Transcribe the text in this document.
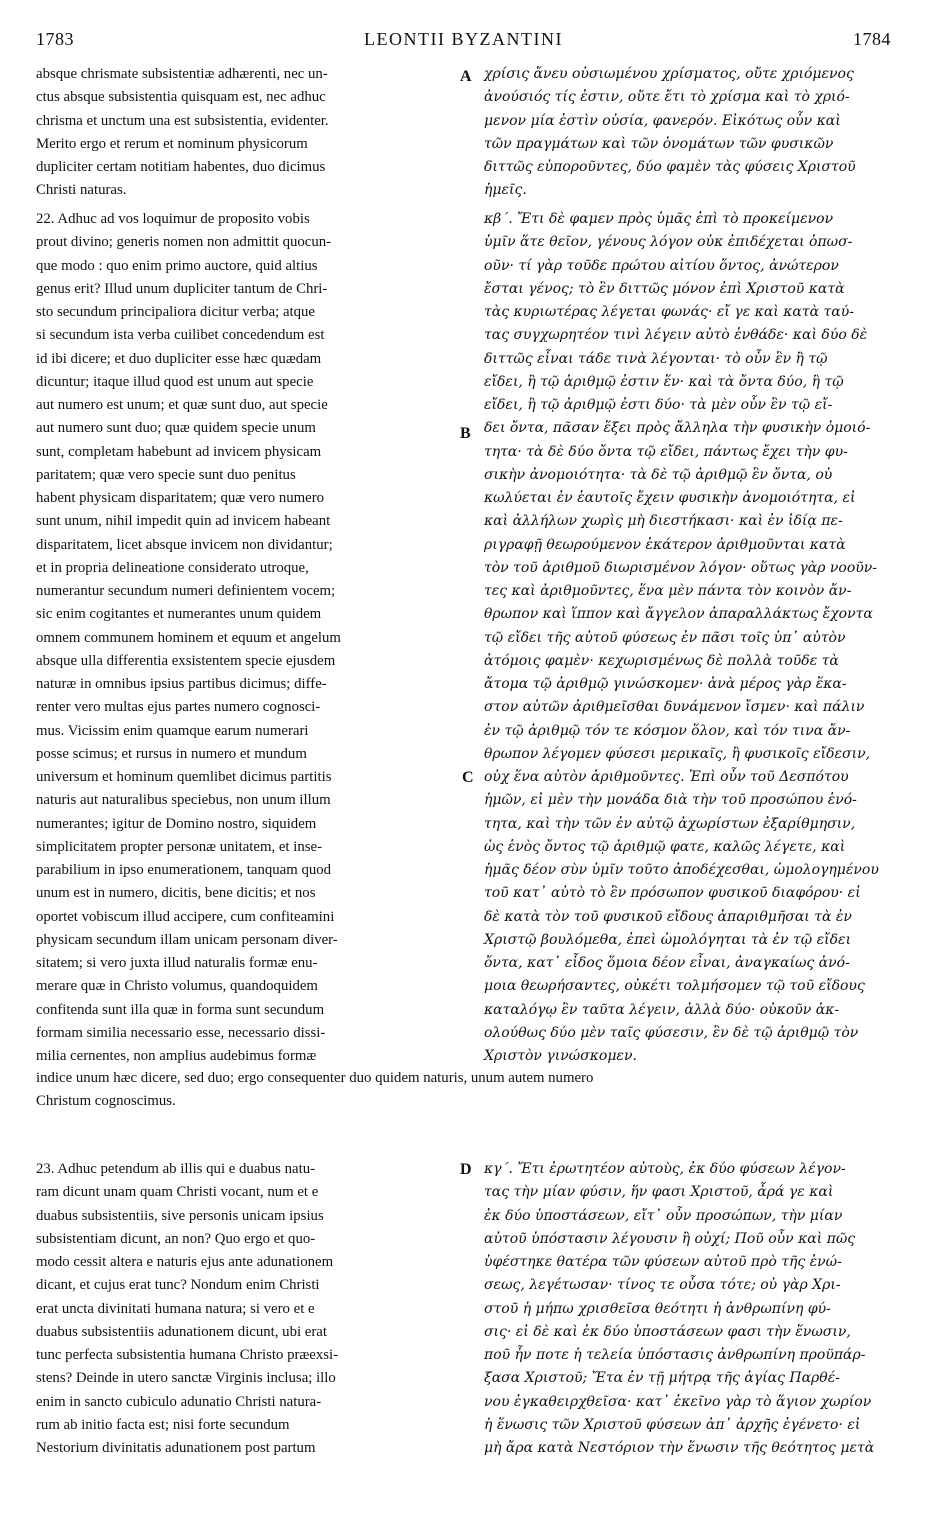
1783	LEONTII BYZANTINI	1784
A
B
C
D
absque chrismate subsistentiæ adhærenti, nec un-
ctus absque subsistentia quisquam est, nec adhuc
chrisma et unctum una est subsistentia, evidenter.
Merito ergo et rerum et nominum physicorum
dupliciter certam notitiam habentes, duo dicimus
Christi naturas.
χρίσις ἄνευ οὐσιωμένου χρίσματος, οὔτε χριόμενος
ἀνούσιός τίς ἐστιν, οὔτε ἔτι τὸ χρίσμα καὶ τὸ χριό-
μενον μία ἐστὶν οὐσία, φανερόν. Εἰκότως οὖν καὶ
τῶν πραγμάτων καὶ τῶν ὀνομάτων τῶν φυσικῶν
διττῶς εὐποροῦντες, δύο φαμὲν τὰς φύσεις Χριστοῦ
ἡμεῖς.
22. Adhuc ad vos loquimur de proposito vobis
prout divino; generis nomen non admittit quocun-
que modo : quo enim primo auctore, quid altius
genus erit? Illud unum dupliciter tantum de Chri-
sto secundum principaliora dicitur verba; atque
si secundum ista verba cuilibet concedendum est
id ibi dicere; et duo dupliciter esse hæc quædam
dicuntur; itaque illud quod est unum aut specie
aut numero est unum; et quæ sunt duo, aut specie
aut numero sunt duo; quæ quidem specie unum
sunt, completam habebunt ad invicem physicam
paritatem; quæ vero specie sunt duo penitus
habent physicam disparitatem; quæ vero numero
sunt unum, nihil impedit quin ad invicem habeant
disparitatem, licet absque invicem non dividantur;
et in propria delineatione considerato utroque,
numerantur secundum numeri definientem vocem;
sic enim cogitantes et numerantes unum quidem
omnem communem hominem et equum et angelum
absque ulla differentia exsistentem specie ejusdem
naturæ in omnibus ipsius partibus dicimus; diffe-
renter vero multas ejus partes numero cognosci-
mus. Vicissim enim quamque earum numerari
posse scimus; et rursus in numero et mundum
universum et hominum quemlibet dicimus partitis
naturis aut naturalibus speciebus, non unum illum
numerantes; igitur de Domino nostro, siquidem
simplicitatem propter personæ unitatem, et inse-
parabilium in ipso enumerationem, tanquam quod
unum est in numero, dicitis, bene dicitis; et nos
oportet vobiscum illud accipere, cum confiteamini
physicam secundum illam unicam personam diver-
sitatem; si vero juxta illud naturalis formæ enu-
merare quæ in Christo volumus, quandoquidem
confitenda sunt illa quæ in forma sunt secundum
formam similia necessario esse, necessario dissi-
milia cernentes, non amplius audebimus formæ
κβ΄. Ἔτι δὲ φαμεν πρὸς ὑμᾶς ἐπὶ τὸ προκείμενον
ὑμῖν ἅτε θεῖον, γένους λόγον οὐκ ἐπιδέχεται ὁπωσ-
οῦν· τί γὰρ τοῦδε πρώτου αἰτίου ὄντος, ἀνώτερον
ἔσται γένος; τὸ ἓν διττῶς μόνον ἐπὶ Χριστοῦ κατὰ
τὰς κυριωτέρας λέγεται φωνάς· εἴ γε καὶ κατὰ ταύ-
τας συγχωρητέον τινὶ λέγειν αὐτὸ ἐνθάδε· καὶ δύο δὲ
διττῶς εἶναι τάδε τινὰ λέγονται· τὸ οὖν ἓν ἢ τῷ
εἴδει, ἢ τῷ ἀριθμῷ ἐστιν ἕν· καὶ τὰ ὄντα δύο, ἢ τῷ
εἴδει, ἢ τῷ ἀριθμῷ ἐστι δύο· τὰ μὲν οὖν ἓν τῷ εἴ-
δει ὄντα, πᾶσαν ἕξει πρὸς ἄλληλα τὴν φυσικὴν ὁμοιό-
τητα· τὰ δὲ δύο ὄντα τῷ εἴδει, πάντως ἔχει τὴν φυ-
σικὴν ἀνομοιότητα· τὰ δὲ τῷ ἀριθμῷ ἓν ὄντα, οὐ
κωλύεται ἐν ἑαυτοῖς ἔχειν φυσικὴν ἀνομοιότητα, εἰ
καὶ ἀλλήλων χωρὶς μὴ διεστήκασι· καὶ ἐν ἰδίᾳ πε-
ριγραφῇ θεωρούμενον ἑκάτερον ἀριθμοῦνται κατὰ
τὸν τοῦ ἀριθμοῦ διωρισμένον λόγον· οὕτως γὰρ νοοῦν-
τες καὶ ἀριθμοῦντες, ἕνα μὲν πάντα τὸν κοινὸν ἄν-
θρωπον καὶ ἵππον καὶ ἄγγελον ἀπαραλλάκτως ἔχοντα
τῷ εἴδει τῆς αὐτοῦ φύσεως ἐν πᾶσι τοῖς ὑπ᾽ αὐτὸν
ἀτόμοις φαμὲν· κεχωρισμένως δὲ πολλὰ τοῦδε τὰ
ἄτομα τῷ ἀριθμῷ γινώσκομεν· ἀνὰ μέρος γὰρ ἕκα-
στον αὐτῶν ἀριθμεῖσθαι δυνάμενον ἴσμεν· καὶ πάλιν
ἐν τῷ ἀριθμῷ τόν τε κόσμον ὅλον, καὶ τόν τινα ἄν-
θρωπον λέγομεν φύσεσι μερικαῖς, ἢ φυσικοῖς εἴδεσιν,
οὐχ ἕνα αὐτὸν ἀριθμοῦντες. Ἐπὶ οὖν τοῦ Δεσπότου
ἡμῶν, εἰ μὲν τὴν μονάδα διὰ τὴν τοῦ προσώπου ἑνό-
τητα, καὶ τὴν τῶν ἐν αὐτῷ ἀχωρίστων ἐξαρίθμησιν,
ὡς ἑνὸς ὄντος τῷ ἀριθμῷ φατε, καλῶς λέγετε, καὶ
ἡμᾶς δέον σὺν ὑμῖν τοῦτο ἀποδέχεσθαι, ὡμολογημένου
τοῦ κατ᾽ αὐτὸ τὸ ἓν πρόσωπον φυσικοῦ διαφόρου· εἰ
δὲ κατὰ τὸν τοῦ φυσικοῦ εἴδους ἀπαριθμῆσαι τὰ ἐν
Χριστῷ βουλόμεθα, ἐπεὶ ὡμολόγηται τὰ ἐν τῷ εἴδει
ὄντα, κατ᾽ εἶδος ὅμοια δέον εἶναι, ἀναγκαίως ἀνό-
μοια θεωρήσαντες, οὐκέτι τολμήσομεν τῷ τοῦ εἴδους
καταλόγῳ ἓν ταῦτα λέγειν, ἀλλὰ δύο· οὐκοῦν ἀκ-
ολούθως δύο μὲν ταῖς φύσεσιν, ἓν δὲ τῷ ἀριθμῷ τὸν
Χριστὸν γινώσκομεν.
indice unum hæc dicere, sed duo; ergo consequenter duo quidem naturis, unum autem numero
Christum cognoscimus.
23. Adhuc petendum ab illis qui e duabus natu-
ram dicunt unam quam Christi vocant, num et e
duabus subsistentiis, sive personis unicam ipsius
subsistentiam dicunt, an non? Quo ergo et quo-
modo cessit altera e naturis ejus ante adunationem
dicant, et cujus erat tunc? Nondum enim Christi
erat uncta divinitati humana natura; si vero et e
duabus subsistentiis adunationem dicunt, ubi erat
tunc perfecta subsistentia humana Christo præexsi-
stens? Deinde in utero sanctæ Virginis inclusa; illo
enim in sancto cubiculo adunatio Christi natura-
rum ab initio facta est; nisi forte secundum
Nestorium divinitatis adunationem post partum
κγ΄. Ἔτι ἐρωτητέον αὐτοὺς, ἐκ δύο φύσεων λέγον-
τας τὴν μίαν φύσιν, ἥν φασι Χριστοῦ, ἆρά γε καὶ
ἐκ δύο ὑποστάσεων, εἴτ᾽ οὖν προσώπων, τὴν μίαν
αὐτοῦ ὑπόστασιν λέγουσιν ἢ οὐχί; Ποῦ οὖν καὶ πῶς
ὑφέστηκε θατέρα τῶν φύσεων αὐτοῦ πρὸ τῆς ἑνώ-
σεως, λεγέτωσαν· τίνος τε οὖσα τότε; οὐ γὰρ Χρι-
στοῦ ἡ μήπω χρισθεῖσα θεότητι ἡ ἀνθρωπίνη φύ-
σις· εἰ δὲ καὶ ἐκ δύο ὑποστάσεων φασι τὴν ἕνωσιν,
ποῦ ἦν ποτε ἡ τελεία ὑπόστασις ἀνθρωπίνη προϋπάρ-
ξασα Χριστοῦ; Ἔτα ἐν τῇ μήτρᾳ τῆς ἁγίας Παρθέ-
νου ἐγκαθειρχθεῖσα· κατ᾽ ἐκεῖνο γὰρ τὸ ἅγιον χωρίον
ἡ ἕνωσις τῶν Χριστοῦ φύσεων ἀπ᾽ ἀρχῆς ἐγένετο· εἰ
μὴ ἄρα κατὰ Νεστόριον τὴν ἕνωσιν τῆς θεότητος μετὰ
